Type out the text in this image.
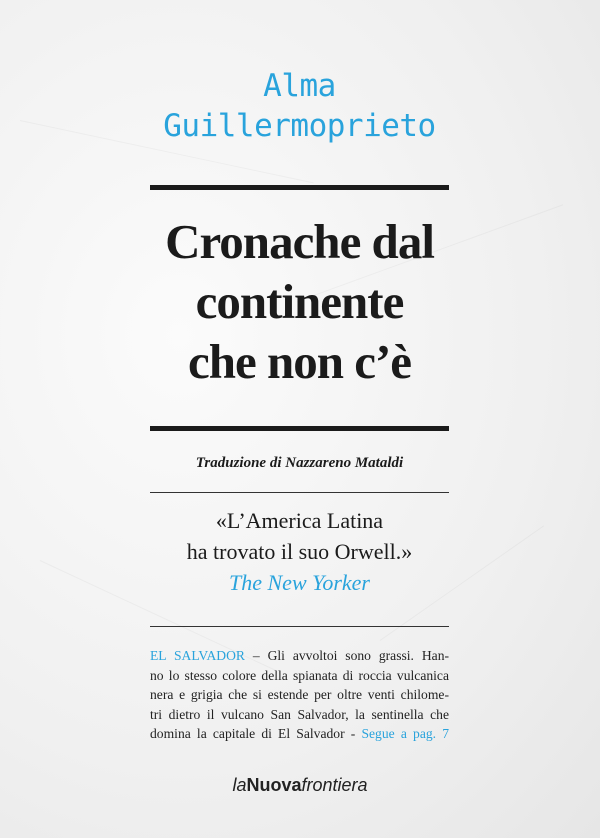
Alma
Guillermoprieto
Cronache dal
continente
che non c’è
Traduzione di Nazzareno Mataldi
«L’America Latina
ha trovato il suo Orwell.»
The New Yorker
EL SALVADOR – Gli avvoltoi sono grassi. Han-
no lo stesso colore della spianata di roccia vulcanica
nera e grigia che si estende per oltre venti chilome-
tri dietro il vulcano San Salvador, la sentinella che
domina la capitale di El Salvador - Segue a pag. 7
laNuovafrontiera
